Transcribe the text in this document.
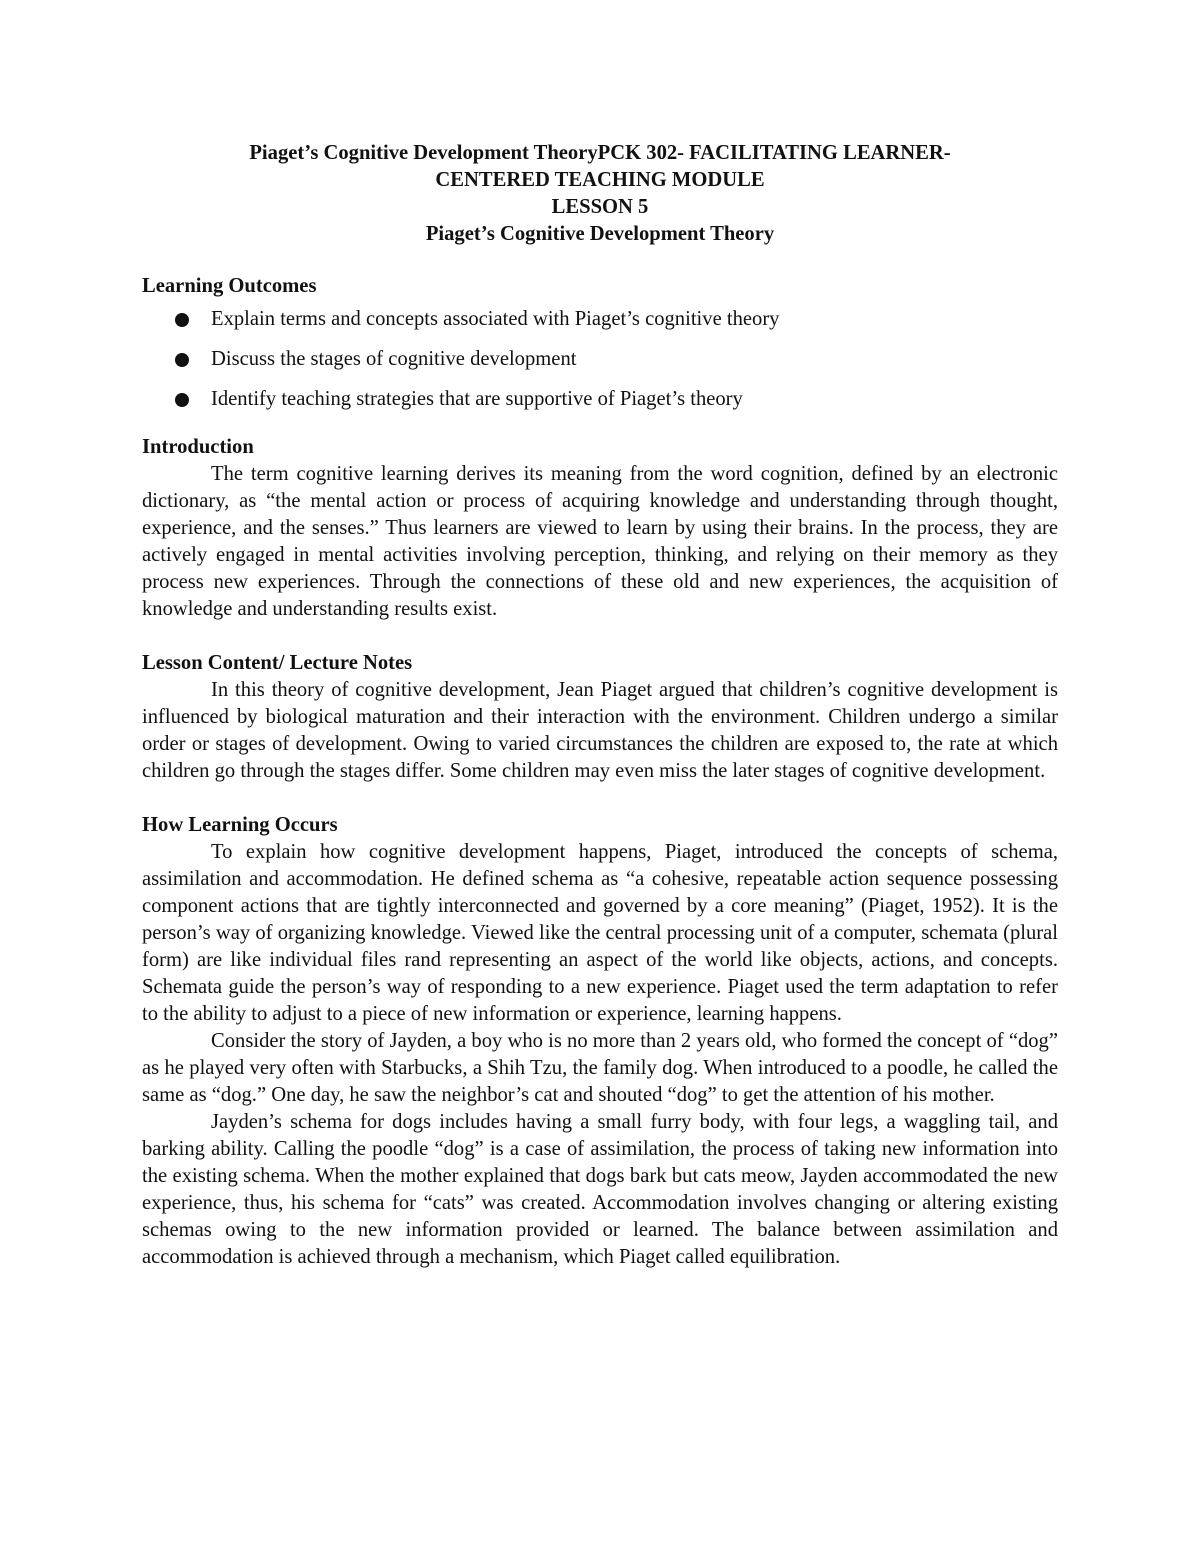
Piaget’s Cognitive Development TheoryPCK 302- FACILITATING LEARNER-
CENTERED TEACHING MODULE
LESSON 5
Piaget’s Cognitive Development Theory
Learning Outcomes
Explain terms and concepts associated with Piaget’s cognitive theory
Discuss the stages of cognitive development
Identify teaching strategies that are supportive of Piaget’s theory
Introduction

The term cognitive learning derives its meaning from the word cognition, defined by an electronic dictionary, as “the mental action or process of acquiring knowledge and understanding through thought, experience, and the senses.” Thus learners are viewed to learn by using their brains. In the process, they are actively engaged in mental activities involving perception, thinking, and relying on their memory as they process new experiences. Through the connections of these old and new experiences, the acquisition of knowledge and understanding results exist.

Lesson Content/ Lecture Notes

In this theory of cognitive development, Jean Piaget argued that children’s cognitive development is influenced by biological maturation and their interaction with the environment. Children undergo a similar order or stages of development. Owing to varied circumstances the children are exposed to, the rate at which children go through the stages differ. Some children may even miss the later stages of cognitive development.

How Learning Occurs

To explain how cognitive development happens, Piaget, introduced the concepts of schema, assimilation and accommodation. He defined schema as “a cohesive, repeatable action sequence possessing component actions that are tightly interconnected and governed by a core meaning” (Piaget, 1952). It is the person’s way of organizing knowledge. Viewed like the central processing unit of a computer, schemata (plural form) are like individual files rand representing an aspect of the world like objects, actions, and concepts. Schemata guide the person’s way of responding to a new experience. Piaget used the term adaptation to refer to the ability to adjust to a piece of new information or experience, learning happens.

Consider the story of Jayden, a boy who is no more than 2 years old, who formed the concept of “dog” as he played very often with Starbucks, a Shih Tzu, the family dog. When introduced to a poodle, he called the same as “dog.” One day, he saw the neighbor’s cat and shouted “dog” to get the attention of his mother.

Jayden’s schema for dogs includes having a small furry body, with four legs, a waggling tail, and barking ability. Calling the poodle “dog” is a case of assimilation, the process of taking new information into the existing schema. When the mother explained that dogs bark but cats meow, Jayden accommodated the new experience, thus, his schema for “cats” was created. Accommodation involves changing or altering existing schemas owing to the new information provided or learned. The balance between assimilation and accommodation is achieved through a mechanism, which Piaget called equilibration.
